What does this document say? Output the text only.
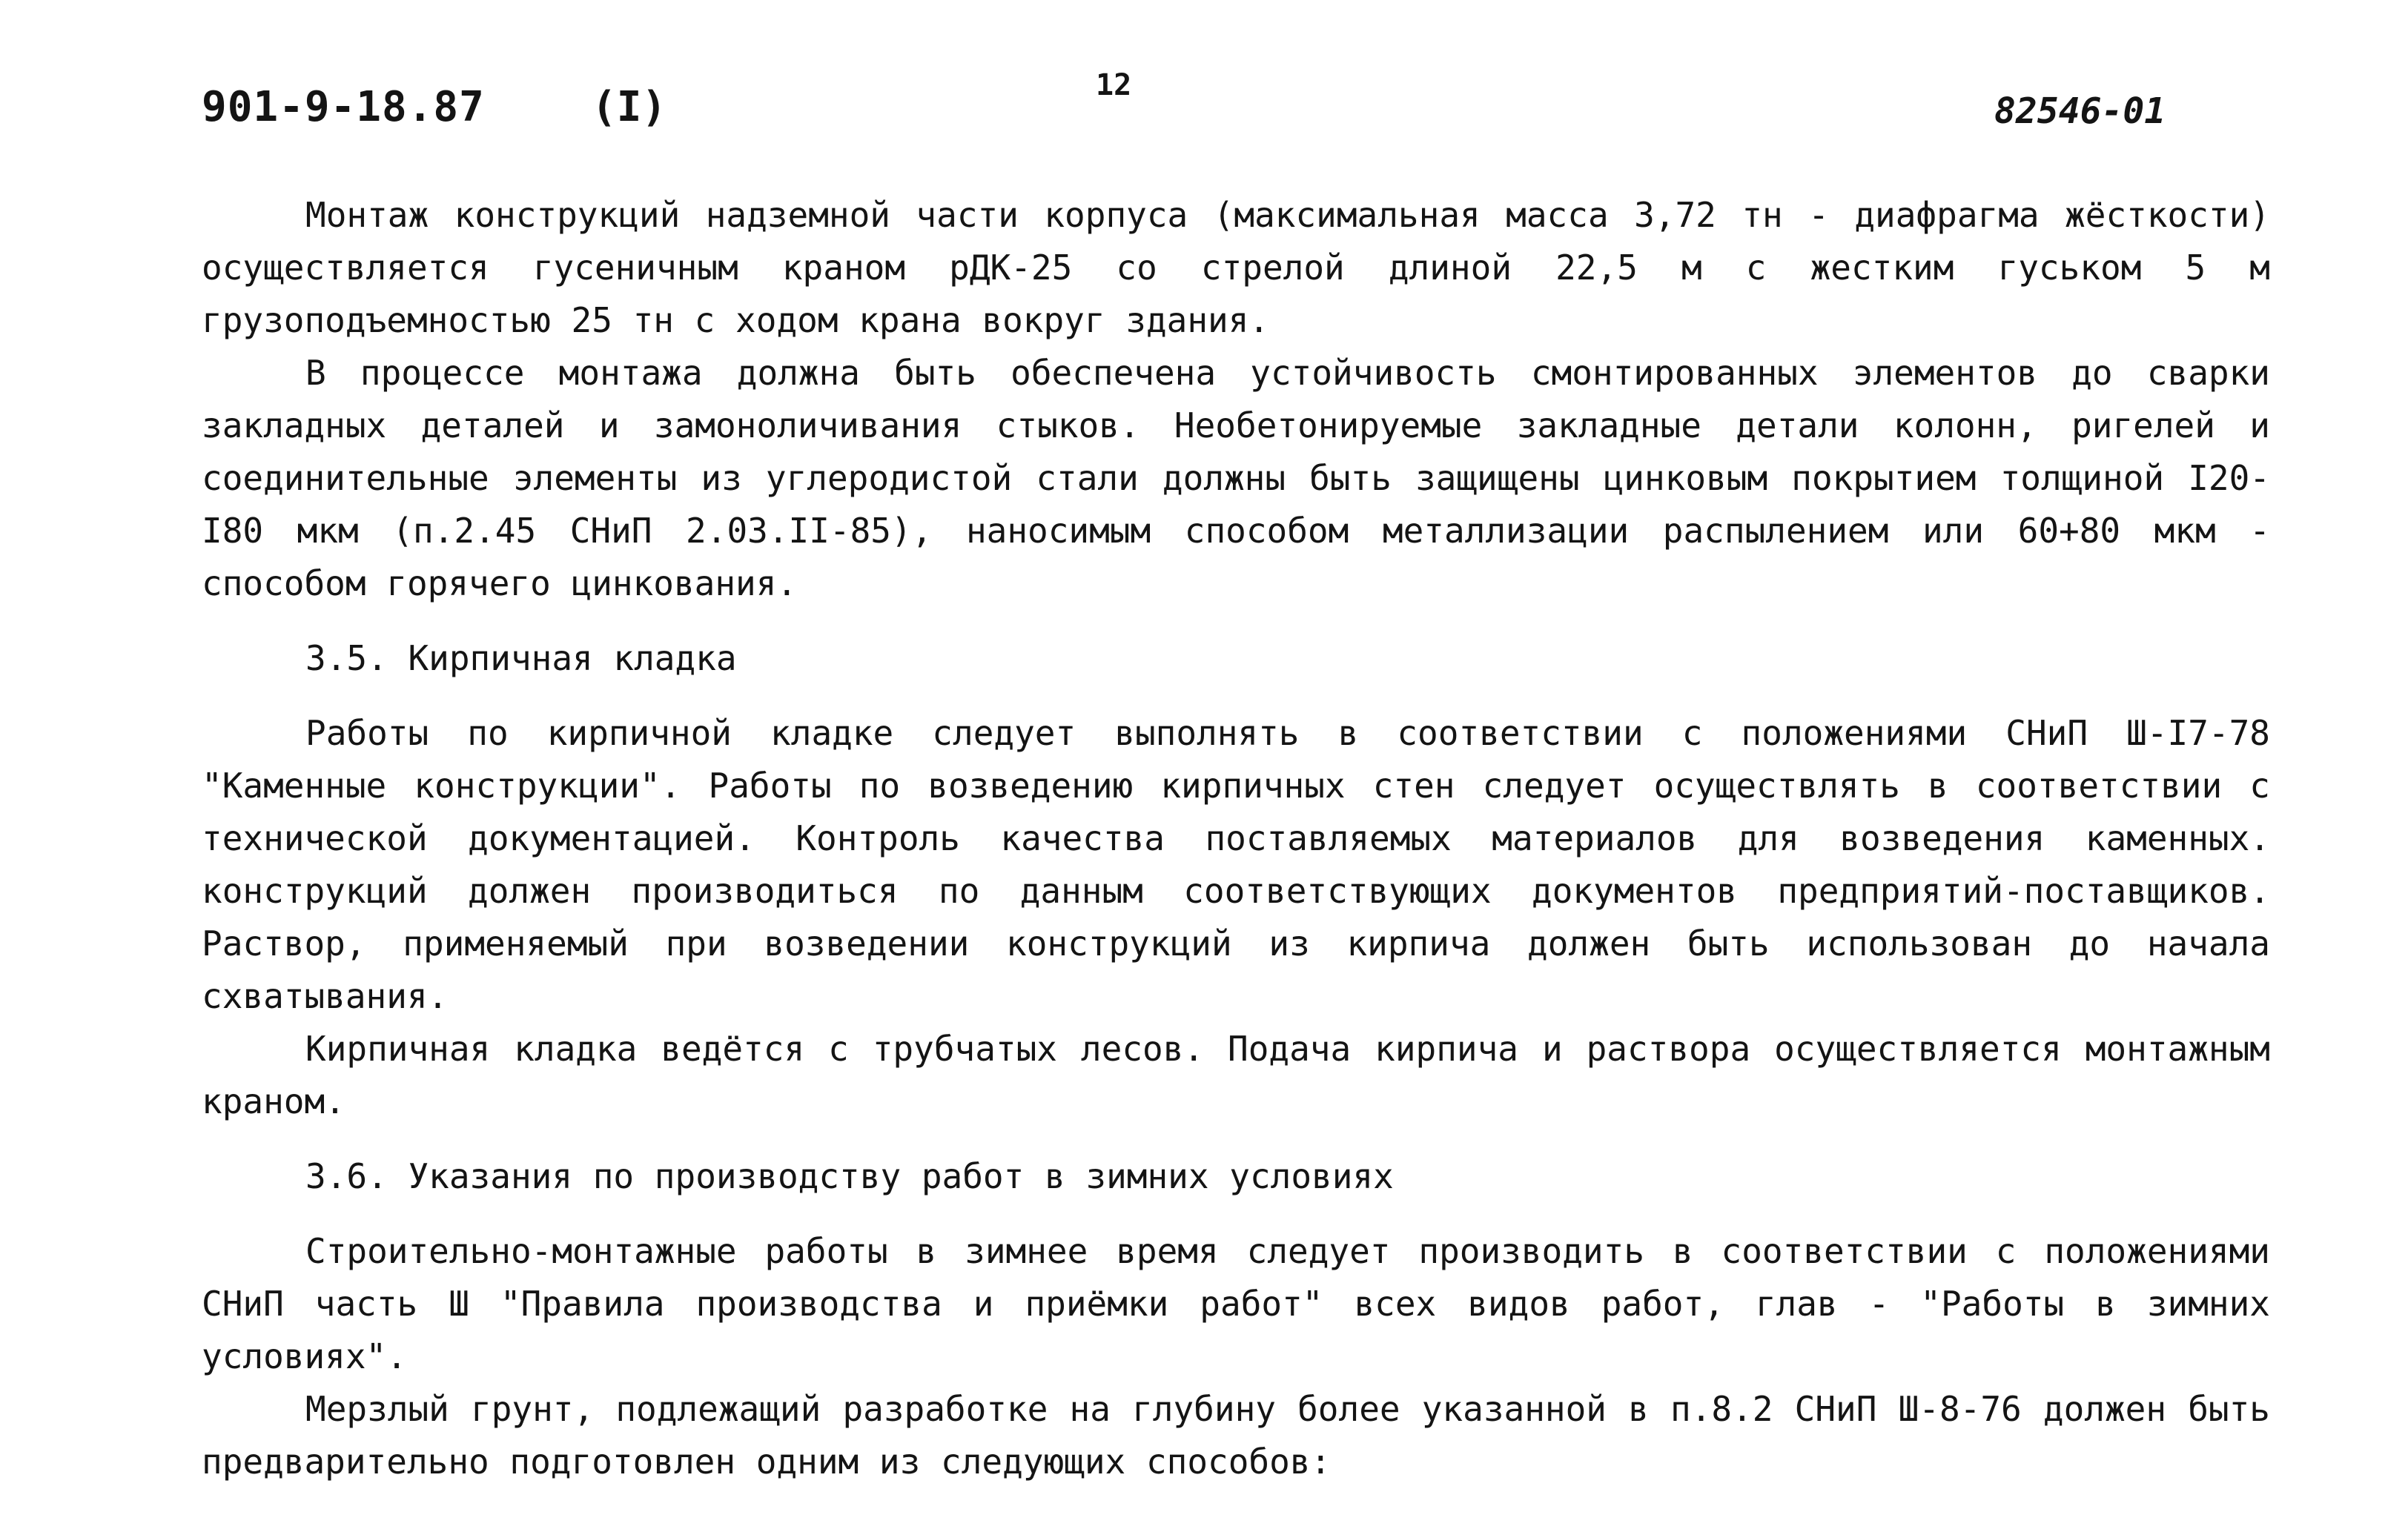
901-9-18.87	(I)	12
82546-01

Монтаж конструкций надземной части корпуса (максимальная масса 3,72 тн - диафрагма жёсткости) осуществляется гусеничным краном рДК-25 со стрелой длиной 22,5 м с жестким гуськом 5 м грузоподъемностью 25 тн с ходом крана вокруг здания.

В процессе монтажа должна быть обеспечена устойчивость смонтированных элементов до сварки закладных деталей и замоноличивания стыков. Необетонируемые закладные детали колонн, ригелей и соединительные элементы из углеродистой стали должны быть защищены цинковым покрытием толщиной I20-I80 мкм (п.2.45 СНиП 2.03.II-85), наносимым способом металлизации распылением или 60+80 мкм - способом горячего цинкования.

3.5. Кирпичная кладка

Работы по кирпичной кладке следует выполнять в соответствии с положениями СНиП Ш-I7-78 "Каменные конструкции". Работы по возведению кирпичных стен следует осуществлять в соответствии с технической документацией. Контроль качества поставляемых материалов для возведения каменных. конструкций должен производиться по данным соответствующих документов предприятий-поставщиков. Раствор, применяемый при возведении конструкций из кирпича должен быть использован до начала схватывания.

Кирпичная кладка ведётся с трубчатых лесов. Подача кирпича и раствора осуществляется монтажным краном.

3.6. Указания по производству работ в зимних условиях

Строительно-монтажные работы в зимнее время следует производить в соответствии с положениями СНиП часть Ш "Правила производства и приёмки работ" всех видов работ, глав - "Работы в зимних условиях".

Мерзлый грунт, подлежащий разработке на глубину более указанной в п.8.2 СНиП Ш-8-76 должен быть предварительно подготовлен одним из следующих способов:
